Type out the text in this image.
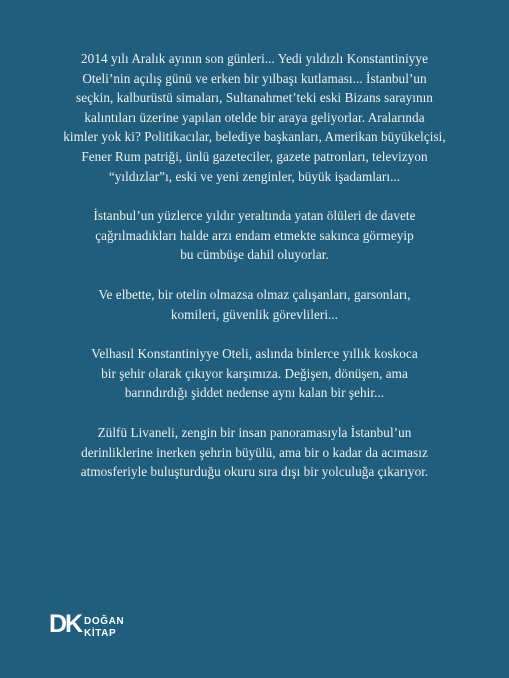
2014 yılı Aralık ayının son günleri... Yedi yıldızlı Konstantiniyye
Oteli’nin açılış günü ve erken bir yılbaşı kutlaması... İstanbul’un
seçkin, kalburüstü simaları, Sultanahmet’teki eski Bizans sarayının
kalıntıları üzerine yapılan otelde bir araya geliyorlar. Aralarında
kimler yok ki? Politikacılar, belediye başkanları, Amerikan büyükelçisi,
Fener Rum patriği, ünlü gazeteciler, gazete patronları, televizyon
“yıldızlar”ı, eski ve yeni zenginler, büyük işadamları...

İstanbul’un yüzlerce yıldır yeraltında yatan ölüleri de davete
çağrılmadıkları halde arzı endam etmekte sakınca görmeyip
bu cümbüşe dahil oluyorlar.

Ve elbette, bir otelin olmazsa olmaz çalışanları, garsonları,
komileri, güvenlik görevlileri...

Velhasıl Konstantiniyye Oteli, aslında binlerce yıllık koskoca
bir şehir olarak çıkıyor karşımıza. Değişen, dönüşen, ama
barındırdığı şiddet nedense aynı kalan bir şehir...

Zülfü Livaneli, zengin bir insan panoramasıyla İstanbul’un
derinliklerine inerken şehrin büyülü, ama bir o kadar da acımasız
atmosferiyle buluşturduğu okuru sıra dışı bir yolculuğa çıkarıyor.

DK DOĞAN
KİTAP
